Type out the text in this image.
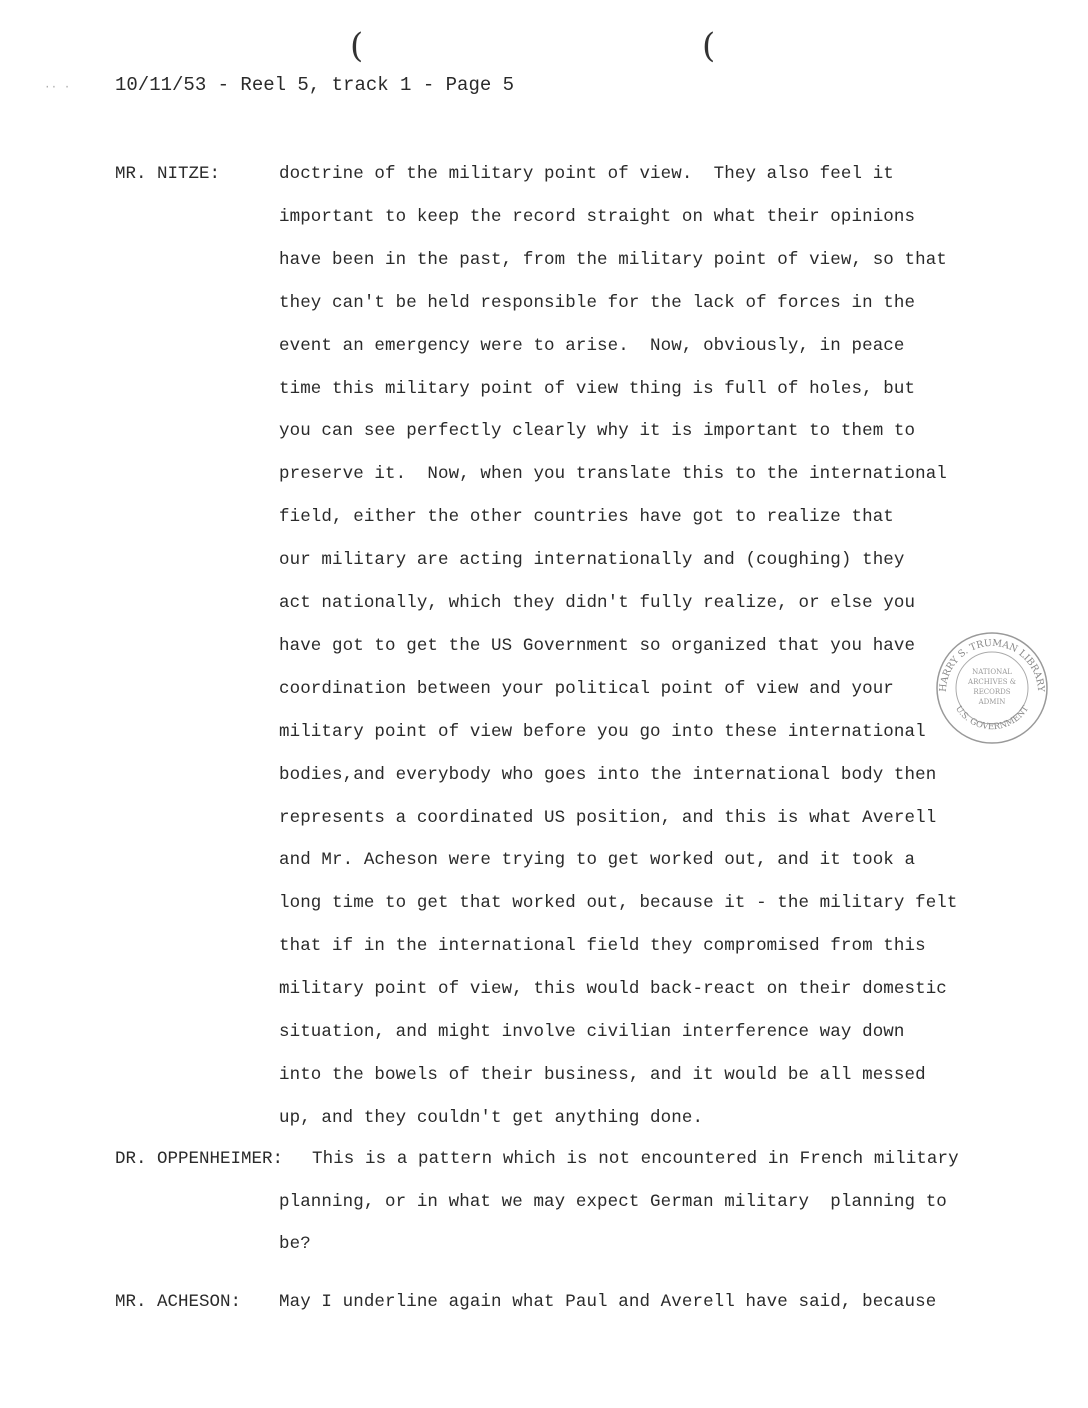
(	(
·· · 10/11/53 - Reel 5, track 1 - Page 5
MR. NITZE:	doctrine of the military point of view.  They also feel it
important to keep the record straight on what their opinions
have been in the past, from the military point of view, so that
they can't be held responsible for the lack of forces in the
event an emergency were to arise.  Now, obviously, in peace
time this military point of view thing is full of holes, but
you can see perfectly clearly why it is important to them to
preserve it.  Now, when you translate this to the international
field, either the other countries have got to realize that
our military are acting internationally and (coughing) they
act nationally, which they didn't fully realize, or else you
have got to get the US Government so organized that you have
coordination between your political point of view and your
military point of view before you go into these international
bodies,and everybody who goes into the international body then
represents a coordinated US position, and this is what Averell
and Mr. Acheson were trying to get worked out, and it took a
long time to get that worked out, because it - the military felt
that if in the international field they compromised from this
military point of view, this would back-react on their domestic
situation, and might involve civilian interference way down
into the bowels of their business, and it would be all messed
up, and they couldn't get anything done.
DR. OPPENHEIMER: This is a pattern which is not encountered in French military
planning, or in what we may expect German military  planning to
be?
MR. ACHESON: May I underline again what Paul and Averell have said, because
HARRY S. TRUMAN LIBRARY
U.S. GOVERNMENT
NATIONAL
ARCHIVES &
RECORDS
ADMIN
